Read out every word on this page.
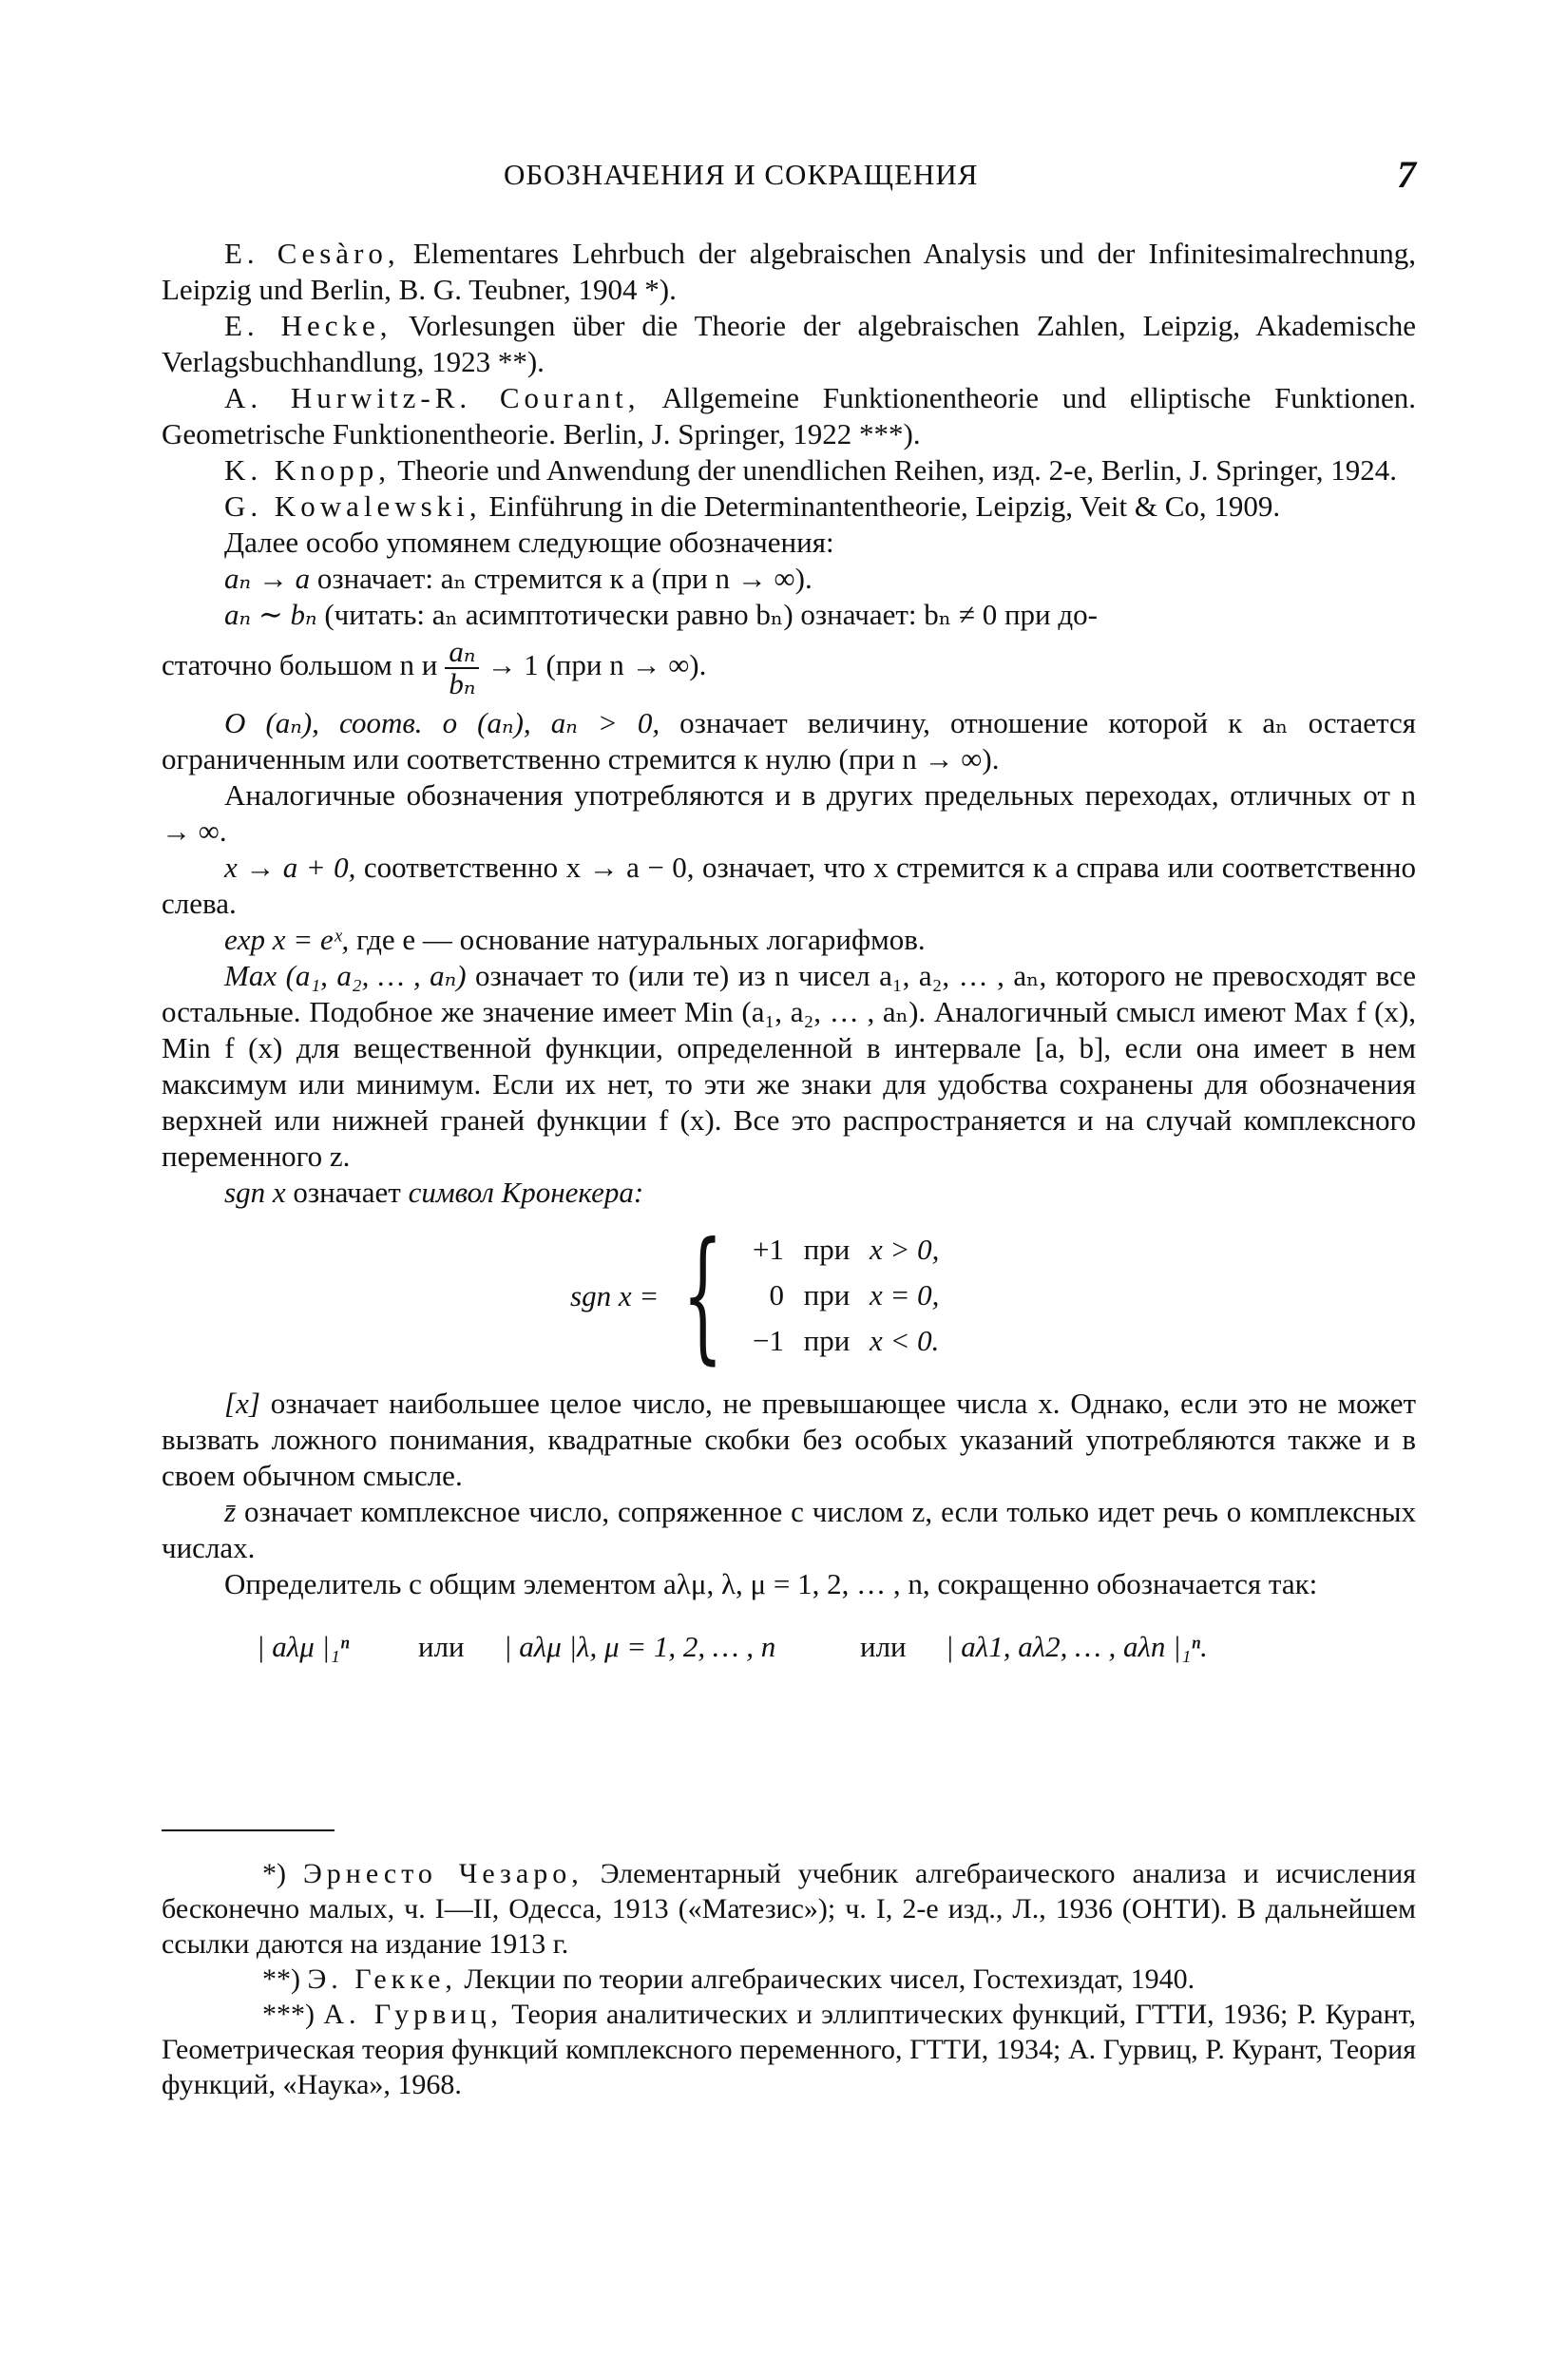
ОБОЗНАЧЕНИЯ И СОКРАЩЕНИЯ	7

E. Cesàro, Elementares Lehrbuch der algebraischen Analysis und der Infinitesimalrechnung, Leipzig und Berlin, B. G. Teubner, 1904 *).

E. Hecke, Vorlesungen über die Theorie der algebraischen Zahlen, Leipzig, Akademische Verlagsbuchhandlung, 1923 **).

A. Hurwitz-R. Courant, Allgemeine Funktionentheorie und elliptische Funktionen. Geometrische Funktionentheorie. Berlin, J. Springer, 1922 ***).

K. Knopp, Theorie und Anwendung der unendlichen Reihen, изд. 2-е, Berlin, J. Springer, 1924.

G. Kowalewski, Einführung in die Determinantentheorie, Leipzig, Veit & Co, 1909.

Далее особо упомянем следующие обозначения:

aₙ → a означает: aₙ стремится к a (при n → ∞).

aₙ ∼ bₙ (читать: aₙ асимптотически равно bₙ) означает: bₙ ≠ 0 при до-

статочно большом n и $\frac{\text{aₙ}}{\text{bₙ}} \to 1$ (при n → ∞).

O (aₙ), соотв. o (aₙ), aₙ > 0, означает величину, отношение которой к aₙ остается ограниченным или соответственно стремится к нулю (при n → ∞).

Аналогичные обозначения употребляются и в других предельных переходах, отличных от n → ∞.

x → a + 0, соответственно x → a − 0, означает, что x стремится к a справа или соответственно слева.

exp x = eˣ, где e — основание натуральных логарифмов.

Max (a₁, a₂, … , aₙ) означает то (или те) из n чисел a₁, a₂, … , aₙ, которого не превосходят все остальные. Подобное же значение имеет Min (a₁, a₂, … , aₙ). Аналогичный смысл имеют Max f (x), Min f (x) для вещественной функции, определенной в интервале [a, b], если она имеет в нем максимум или минимум. Если их нет, то эти же знаки для удобства сохранены для обозначения верхней или нижней граней функции f (x). Все это распространяется и на случай комплексного переменного z.

sgn x означает символ Кронекера:

sgn x = {	+1 при x > 0,
0 при x = 0,
−1 при x < 0.

[x] означает наибольшее целое число, не превышающее числа x. Однако, если это не может вызвать ложного понимания, квадратные скобки без особых указаний употребляются также и в своем обычном смысле.

z̄ означает комплексное число, сопряженное с числом z, если только идет речь о комплексных числах.

Определитель с общим элементом aλμ, λ, μ = 1, 2, … , n, сокращенно обозначается так:

| aλμ |₁ⁿ или | aλμ |λ, μ = 1, 2, … , n	или | aλ1, aλ2, … , aλn |₁ⁿ.

*) Эрнесто Чезаро, Элементарный учебник алгебраического анализа и исчисления бесконечно малых, ч. I—II, Одесса, 1913 («Матезис»); ч. I, 2-е изд., Л., 1936 (ОНТИ). В дальнейшем ссылки даются на издание 1913 г.

**) Э. Гекке, Лекции по теории алгебраических чисел, Гостехиздат, 1940.

***) А. Гурвиц, Теория аналитических и эллиптических функций, ГТТИ, 1936; Р. Курант, Геометрическая теория функций комплексного переменного, ГТТИ, 1934; А. Гурвиц, Р. Курант, Теория функций, «Наука», 1968.
